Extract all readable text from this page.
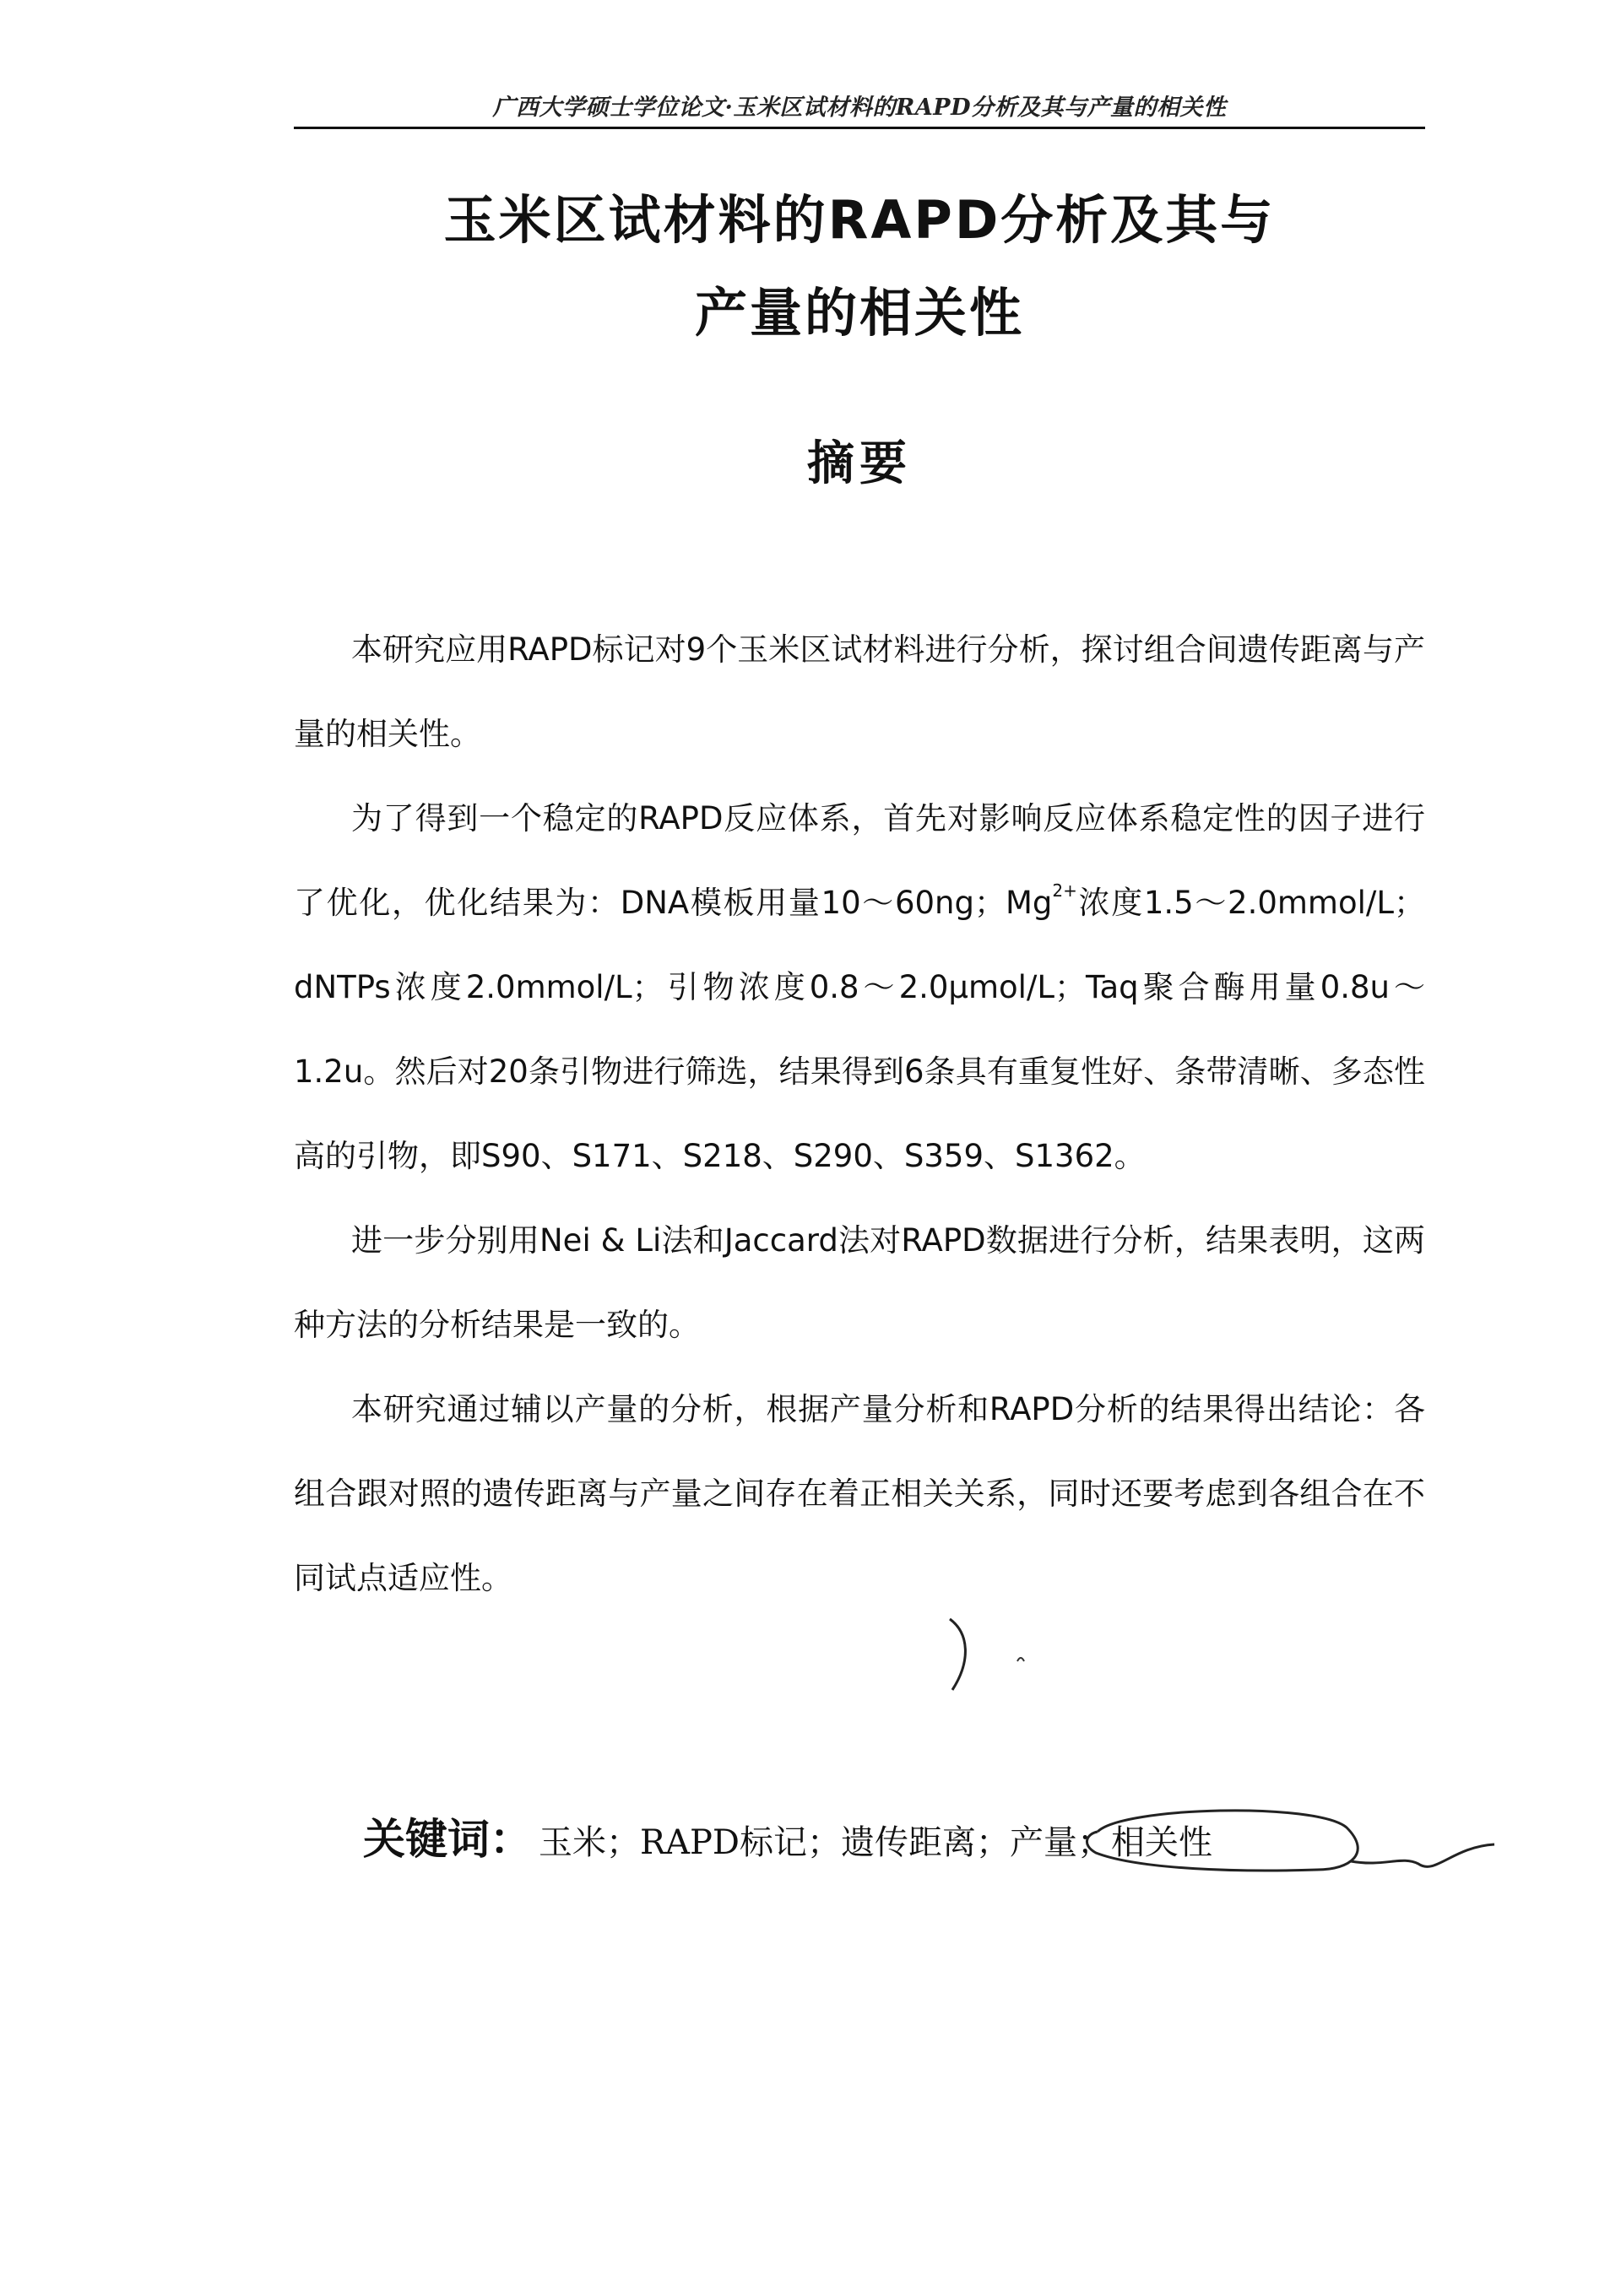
广西大学硕士学位论文·玉米区试材料的RAPD分析及其与产量的相关性
玉米区试材料的RAPD分析及其与
产量的相关性
摘要

本研究应用RAPD标记对9个玉米区试材料进行分析，探讨组合间遗传距离与产量的相关性。

为了得到一个稳定的RAPD反应体系，首先对影响反应体系稳定性的因子进行了优化，优化结果为：DNA模板用量10～60ng；$Mg^{2+}$浓度1.5～2.0mmol/L；dNTPs浓度2.0mmol/L；引物浓度0.8～2.0μmol/L；Taq聚合酶用量0.8u～1.2u。然后对20条引物进行筛选，结果得到6条具有重复性好、条带清晰、多态性高的引物，即S90、S171、S218、S290、S359、S1362。

进一步分别用Nei & Li法和Jaccard法对RAPD数据进行分析，结果表明，这两种方法的分析结果是一致的。

本研究通过辅以产量的分析，根据产量分析和RAPD分析的结果得出结论：各组合跟对照的遗传距离与产量之间存在着正相关关系，同时还要考虑到各组合在不同试点适应性。

关键词： 玉米；RAPD标记；遗传距离；产量；相关性
